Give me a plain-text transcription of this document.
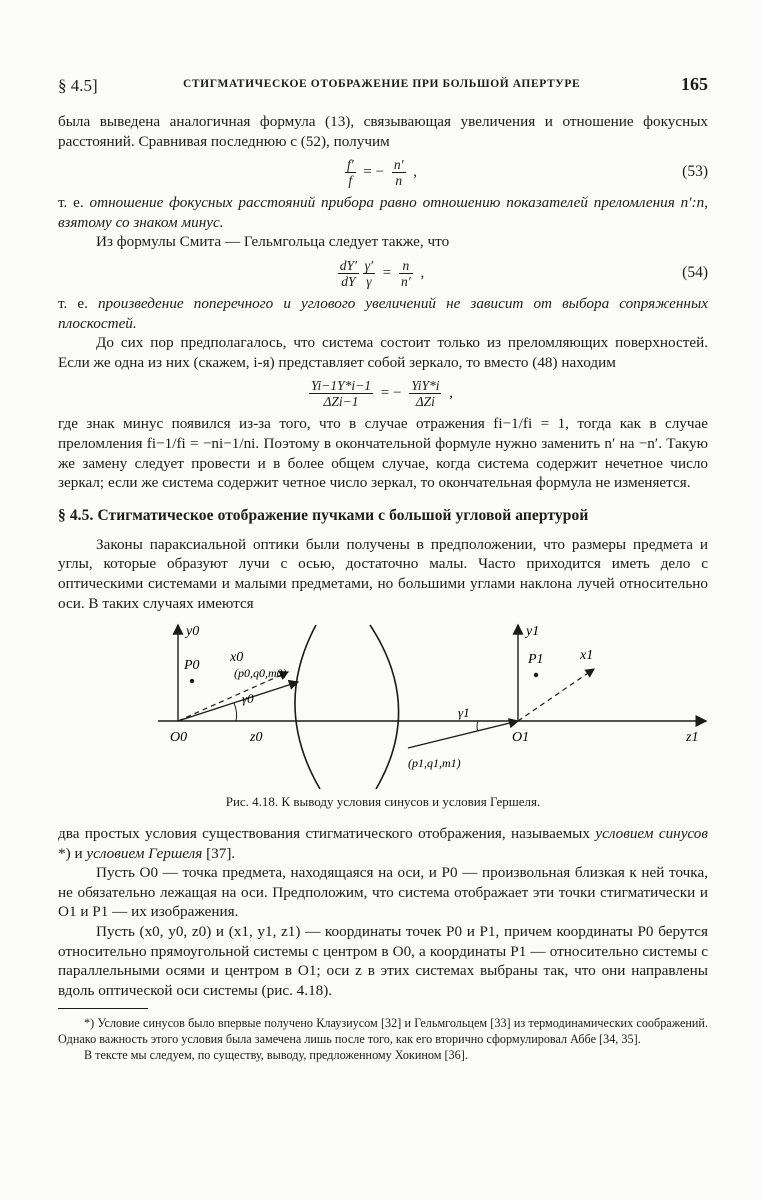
§ 4.5]	СТИГМАТИЧЕСКОЕ ОТОБРАЖЕНИЕ ПРИ БОЛЬШОЙ АПЕРТУРЕ	165

была выведена аналогичная формула (13), связывающая увеличения и отношение фокусных расстояний. Сравнивая последнюю с (52), получим

$\frac{f'}{f}$ = − $\frac{n'}{n}$ ,	(53)

т. е. отношение фокусных расстояний прибора равно отношению показателей преломления n′:n, взятому со знаком минус.

Из формулы Смита — Гельмгольца следует также, что

$\frac{dY'}{dY}$
$\frac{\gamma'}{\gamma} = \frac{n}{n'}$ ,	(54)

т. е. произведение поперечного и углового увеличений не зависит от выбора сопряженных плоскостей.

До сих пор предполагалось, что система состоит только из преломляющих поверхностей. Если же одна из них (скажем, i-я) представляет собой зеркало, то вместо (48) находим

$\frac{Yi-1Y*i-1}{\text{ΔZi−1}}$ = − $\frac{\text{YiY*i}}{\text{ΔZi}}$ ,

где знак минус появился из-за того, что в случае отражения fi−1/fi = 1, тогда как в случае преломления fi−1/fi = −ni−1/ni. Поэтому в окончательной формуле нужно заменить n′ на −n′. Такую же замену следует провести и в более общем случае, когда система содержит нечетное число зеркал; если же система содержит четное число зеркал, то окончательная формула не изменяется.

§ 4.5. Стигматическое отображение пучками с большой угловой апертурой

Законы параксиальной оптики были получены в предположении, что размеры предмета и углы, которые образуют лучи с осью, достаточно малы. Часто приходится иметь дело с оптическими системами и малыми предметами, но большими углами наклона лучей относительно оси. В таких случаях имеются

y0
P0
x0
(p0,q0,m0)
γ0
O0	z0
y1
P1	x1
γ1
O1	z1
(p1,q1,m1)
Рис. 4.18. К выводу условия синусов и условия Гершеля.

два простых условия существования стигматического отображения, называемых условием синусов *) и условием Гершеля [37].

Пусть O0 — точка предмета, находящаяся на оси, и P0 — произвольная близкая к ней точка, не обязательно лежащая на оси. Предположим, что система отображает эти точки стигматически и O1 и P1 — их изображения.

Пусть (x0, y0, z0) и (x1, y1, z1) — координаты точек P0 и P1, причем координаты P0 берутся относительно прямоугольной системы с центром в O0, а координаты P1 — относительно системы с параллельными осями и центром в O1; оси z в этих системах выбраны так, что они направлены вдоль оптической оси системы (рис. 4.18).

*) Условие синусов было впервые получено Клаузиусом [32] и Гельмгольцем [33] из термодинамических соображений. Однако важность этого условия была замечена лишь после того, как его вторично сформулировал Аббе [34, 35].

В тексте мы следуем, по существу, выводу, предложенному Хокином [36].
